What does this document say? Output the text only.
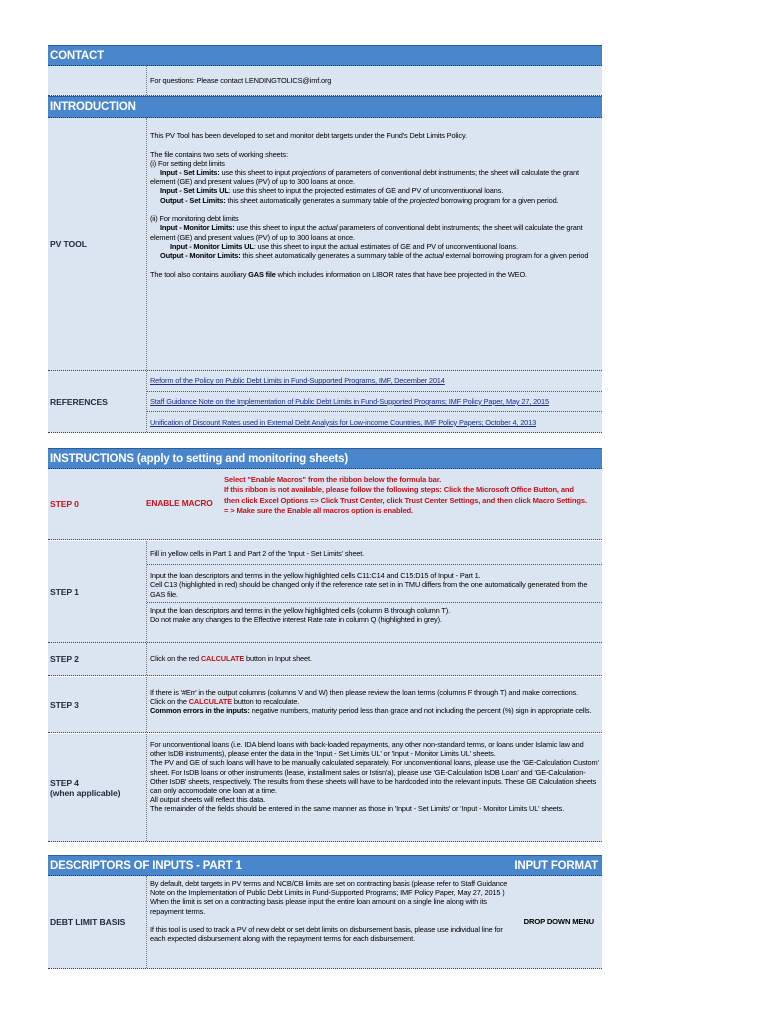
CONTACT
For questions: Please contact LENDINGTOLICS@imf.org
INTRODUCTION
PV TOOL

This PV Tool has been developed to set and monitor debt targets under the Fund's Debt Limits Policy.

The file contains two sets of working sheets:

(i) For setting debt limits

Input - Set Limits: use this sheet to input projections of parameters of conventional debt instruments; the sheet will calculate the grant element (GE) and present values (PV) of up to 300 loans at once.

Input - Set Limits UL: use this sheet to input the projected estimates of GE and PV of unconventiuonal loans.

Output - Set Limits: this sheet automatically generates a summary table of the projected borrowing program for a given period.

(ii) For monitoring debt limits

Input - Monitor Limits: use this sheet to input the actual parameters of conventional debt instruments; the sheet will calculate the grant element (GE) and present values (PV) of up to 300 loans at once.

Input - Monitor Limits UL: use this sheet to input the actual estimates of GE and PV of unconventiuonal loans.

Output - Monitor Limits: this sheet automatically generates a summary table of the actual external borrowing program for a given period

The tool also contains auxiliary GAS file which includes information on LIBOR rates that have bee projected in the WEO.

REFERENCES
Reform of the Policy on Public Debt Limits in Fund-Supported Programs, IMF, December 2014
Staff Guidance Note on the Implementation of Public Debt Limits in Fund-Supported Programs; IMF Policy Paper, May 27, 2015
Unification of Discount Rates used in External Debt Analysis for Low-income Countries, IMF Policy Papers; October 4, 2013
INSTRUCTIONS (apply to setting and monitoring sheets)
STEP 0	ENABLE MACRO
Select "Enable Macros" from the ribbon below the formula bar.
If this ribbon is not available, please follow the following steps: Click the Microsoft Office Button, and
then click Excel Options => Click Trust Center, click Trust Center Settings, and then click Macro Settings.
= > Make sure the Enable all macros option is enabled.
STEP 1
Fill in yellow cells in Part 1 and Part 2 of the 'Input - Set Limits' sheet.

Input the loan descriptors and terms in the yellow highlighted cells C11:C14 and C15:D15 of Input - Part 1.

Cell C13 (highlighted in red) should be changed only if the reference rate set in in TMU differs from the one automatically generated from the GAS file.

Input the loan descriptors and terms in the yellow highlighted cells (column B through column T).

Do not make any changes to the Effective interest Rate rate in column Q (highlighted in grey).

STEP 2	Click on the red CALCULATE button in Input sheet.
STEP 3

If there is '#Err' in the output columns (columns V and W) then please review the loan terms (columns F through T) and make corrections.

Click on the CALCULATE button to recalculate.

Common errors in the inputs: negative numbers, maturity period less than grace and not including the percent (%) sign in appropriate cells.

STEP 4
(when applicable)

For unconventional loans (i.e. IDA blend loans with back-loaded repayments, any other non-standard terms, or loans under Islamic law and other IsDB instruments), please enter the data in the 'Input - Set Limits UL' or 'Input - Monitor Limits UL' sheets.

The PV and GE of such loans will have to be manually calculated separately. For unconventional loans, please use the 'GE-Calculation Custom' sheet. For IsDB loans or other instruments (lease, installment sales or Istisn'a), please use 'GE-Calculation IsDB Loan' and 'GE-Calculation-Other IsDB' sheets, respectively. The results from these sheets will have to be hardcoded into the relevant inputs. These GE Calculation sheets can only accomodate one loan at a time.

All output sheets will reflect this data.

The remainder of the fields should be entered in the same manner as those in 'Input - Set Limits' or 'Input - Monitor Limits UL' sheets.

DESCRIPTORS OF INPUTS - PART 1	INPUT FORMAT
DEBT LIMIT BASIS

By default, debt targets in PV terms and NCB/CB limits are set on contracting basis (please refer to Staff Guidance Note on the Implementation of Public Debt Limits in Fund-Supported Programs; IMF Policy Paper, May 27, 2015 )

When the limit is set on a contracting basis please input the entire loan amount on a single line along with its repayment terms.

If this tool is used to track a PV of new debt or set debt limits on disbursement basis, please use individual line for each expected disbursement along with the repayment terms for each disbursement.

DROP DOWN MENU
